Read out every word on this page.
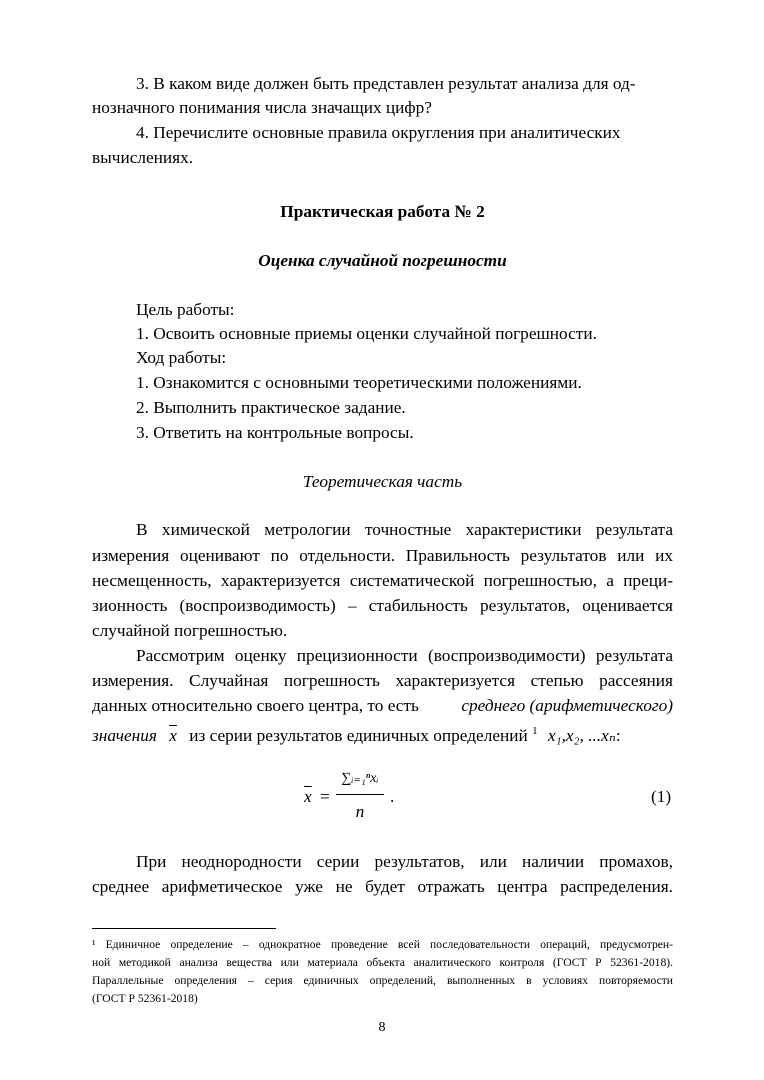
3. В каком виде должен быть представлен результат анализа для од-
нозначного понимания числа значащих цифр?
4. Перечислите основные правила округления при аналитических
вычислениях.
Практическая работа № 2
Оценка случайной погрешности
Цель работы:
1. Освоить основные приемы оценки случайной погрешности.
Ход работы:
1. Ознакомится с основными теоретическими положениями.
2. Выполнить практическое задание.
3. Ответить на контрольные вопросы.
Теоретическая часть
В химической метрологии точностные характеристики результата
измерения оценивают по отдельности. Правильность результатов или их
несмещенность, характеризуется систематической погрешностью, а преци-
зионность (воспроизводимость) – стабильность результатов, оценивается
случайной погрешностью.
Рассмотрим оценку прецизионности (воспроизводимости) результата
измерения. Случайная погрешность характеризуется степью рассеяния
данных относительно своего центра, то есть среднего (арифметического)
значения $\overline{x}$ из серии результатов единичных определений $^1$ x₁,x₂, ...xₙ:
$\overline{x}$ =
∑ᵢ₌₁ⁿxᵢ
n
.	(1)
При неоднородности серии результатов, или наличии промахов,
среднее арифметическое уже не будет отражать центра распределения.
¹ Единичное определение – однократное проведение всей последовательности операций, предусмотрен-
ной методикой анализа вещества или материала объекта аналитического контроля (ГОСТ Р 52361-2018).
Параллельные определения – серия единичных определений, выполненных в условиях повторяемости
(ГОСТ Р 52361-2018)
8
